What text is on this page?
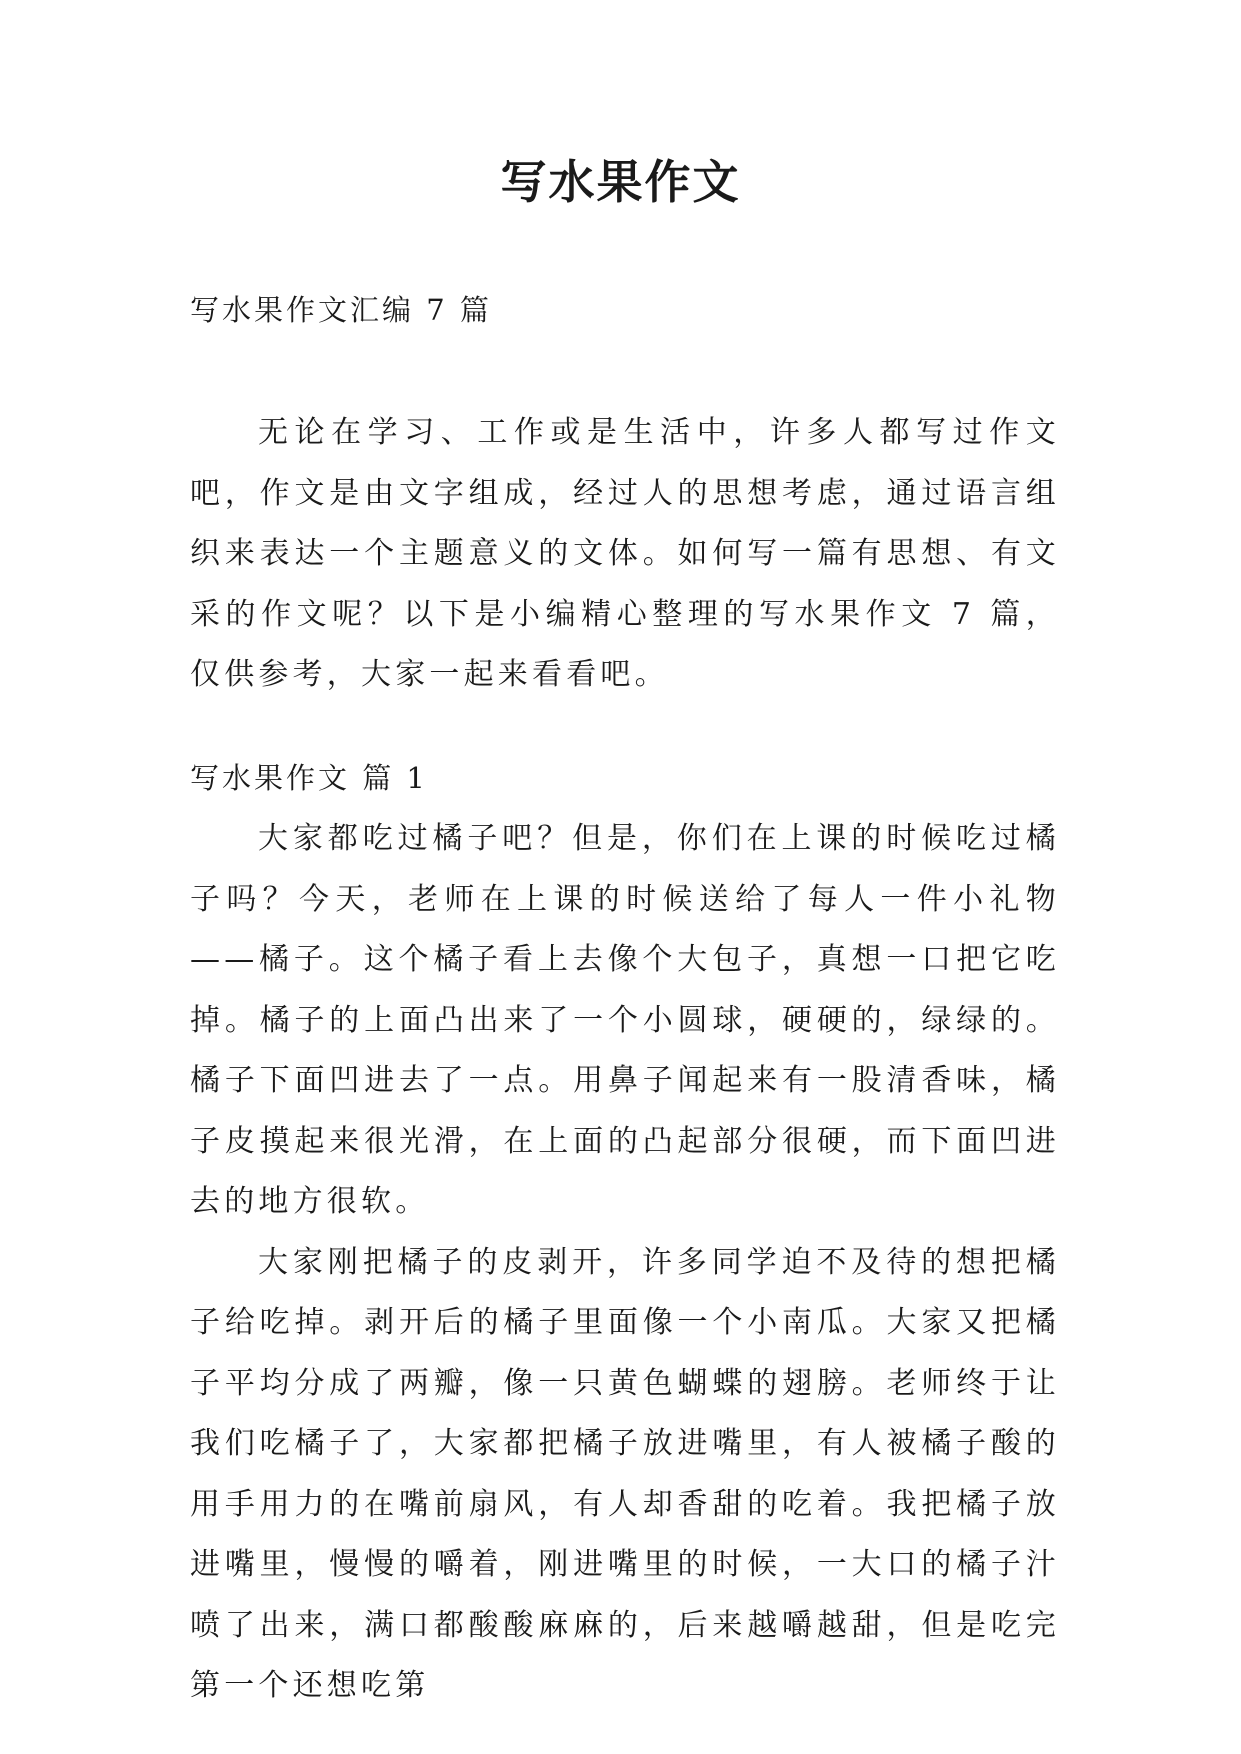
写水果作文

写水果作文汇编 7 篇

无论在学习、工作或是生活中，许多人都写过作文吧，作文是由文字组成，经过人的思想考虑，通过语言组织来表达一个主题意义的文体。如何写一篇有思想、有文采的作文呢？以下是小编精心整理的写水果作文 7 篇，仅供参考，大家一起来看看吧。

写水果作文 篇 1

大家都吃过橘子吧？但是，你们在上课的时候吃过橘子吗？今天，老师在上课的时候送给了每人一件小礼物——橘子。这个橘子看上去像个大包子，真想一口把它吃掉。橘子的上面凸出来了一个小圆球，硬硬的，绿绿的。橘子下面凹进去了一点。用鼻子闻起来有一股清香味，橘子皮摸起来很光滑，在上面的凸起部分很硬，而下面凹进去的地方很软。

大家刚把橘子的皮剥开，许多同学迫不及待的想把橘子给吃掉。剥开后的橘子里面像一个小南瓜。大家又把橘子平均分成了两瓣，像一只黄色蝴蝶的翅膀。老师终于让我们吃橘子了，大家都把橘子放进嘴里，有人被橘子酸的用手用力的在嘴前扇风，有人却香甜的吃着。我把橘子放进嘴里，慢慢的嚼着，刚进嘴里的时候，一大口的橘子汁喷了出来，满口都酸酸麻麻的，后来越嚼越甜，但是吃完第一个还想吃第
